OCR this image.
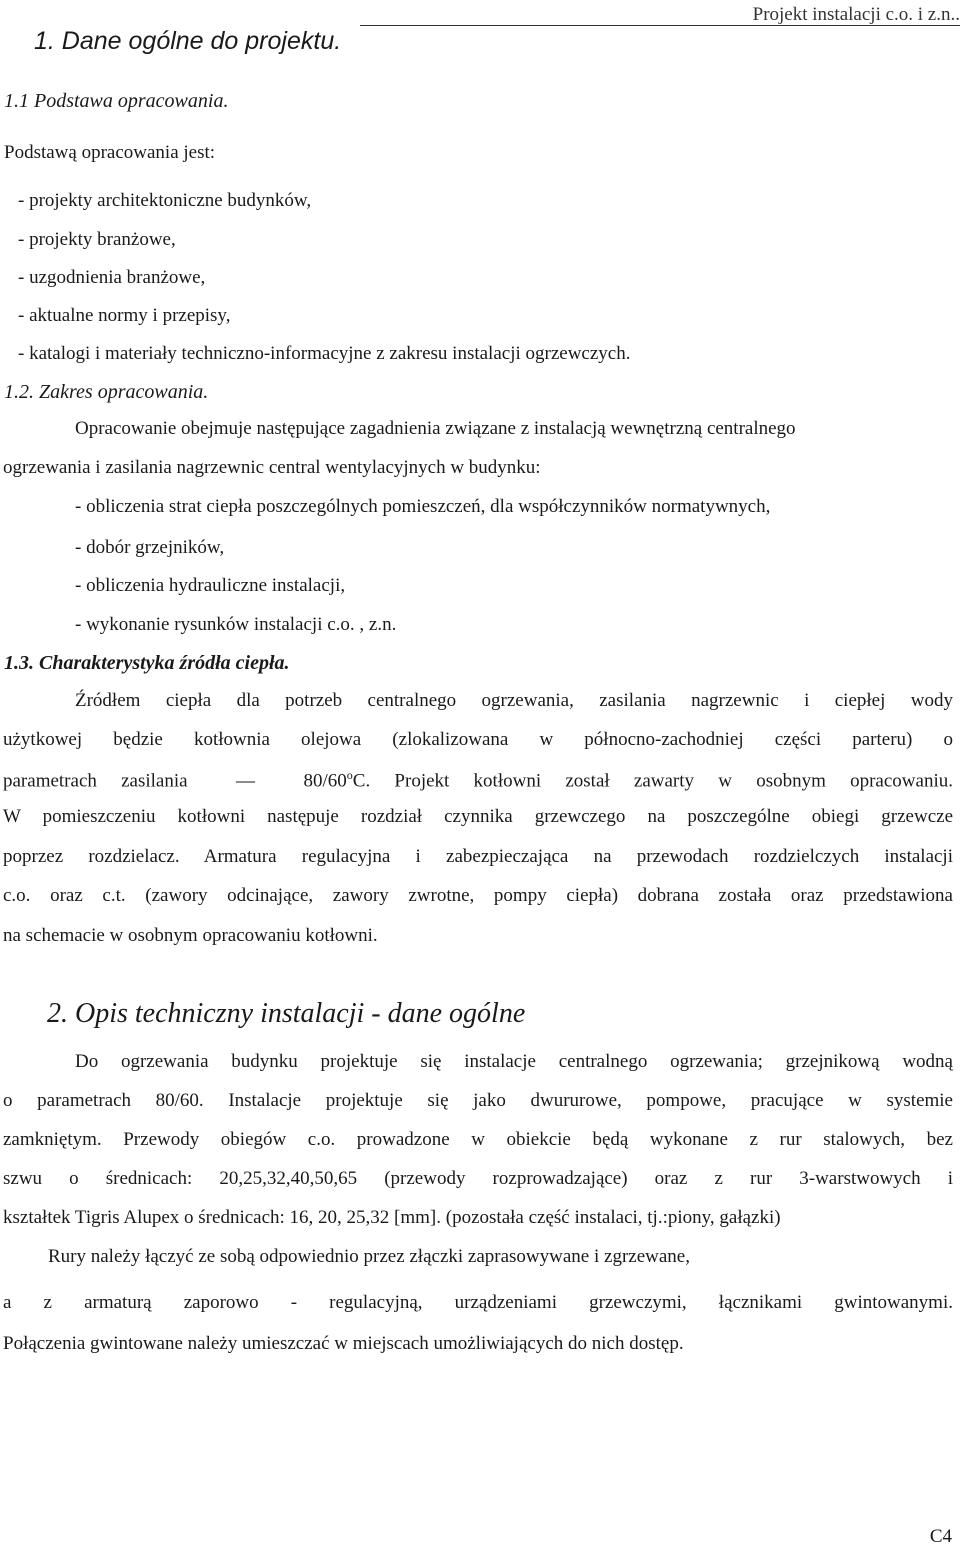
Projekt instalacji c.o. i z.n..
1. Dane ogólne do projektu.
1.1 Podstawa opracowania.
Podstawą opracowania jest:
- projekty architektoniczne budynków,
- projekty branżowe,
- uzgodnienia branżowe,
- aktualne normy i przepisy,
- katalogi i materiały techniczno-informacyjne z zakresu instalacji ogrzewczych.
1.2. Zakres opracowania.
Opracowanie obejmuje następujące zagadnienia związane z instalacją wewnętrzną centralnego
ogrzewania i zasilania nagrzewnic central wentylacyjnych w budynku:
- obliczenia strat ciepła poszczególnych pomieszczeń, dla współczynników normatywnych,
- dobór grzejników,
- obliczenia hydrauliczne instalacji,
- wykonanie rysunków instalacji c.o. , z.n.
1.3. Charakterystyka źródła ciepła.
Źródłem ciepła dla potrzeb centralnego ogrzewania, zasilania nagrzewnic i ciepłej wody
użytkowej będzie kotłownia olejowa (zlokalizowana w północno-zachodniej części parteru) o
parametrach zasilania  —  80/60$^o$C. Projekt kotłowni został zawarty w osobnym opracowaniu.
W pomieszczeniu kotłowni następuje rozdział czynnika grzewczego na poszczególne obiegi grzewcze
poprzez rozdzielacz. Armatura regulacyjna i zabezpieczająca na przewodach rozdzielczych instalacji
c.o. oraz c.t. (zawory odcinające, zawory zwrotne, pompy ciepła) dobrana została oraz przedstawiona
na schemacie w osobnym opracowaniu kotłowni.
2. Opis techniczny instalacji - dane ogólne
Do ogrzewania budynku projektuje się instalacje centralnego ogrzewania; grzejnikową wodną
o parametrach 80/60. Instalacje projektuje się jako dwururowe, pompowe, pracujące w systemie
zamkniętym. Przewody obiegów c.o. prowadzone w obiekcie będą wykonane z rur stalowych, bez
szwu o średnicach: 20,25,32,40,50,65 (przewody rozprowadzające) oraz z rur 3-warstwowych i
kształtek Tigris Alupex o średnicach: 16, 20, 25,32 [mm]. (pozostała część instalaci, tj.:piony, gałązki)
Rury należy łączyć ze sobą odpowiednio przez złączki zaprasowywane i zgrzewane,
a z armaturą zaporowo - regulacyjną, urządzeniami grzewczymi, łącznikami gwintowanymi.
Połączenia gwintowane należy umieszczać w miejscach umożliwiających do nich dostęp.
C4
